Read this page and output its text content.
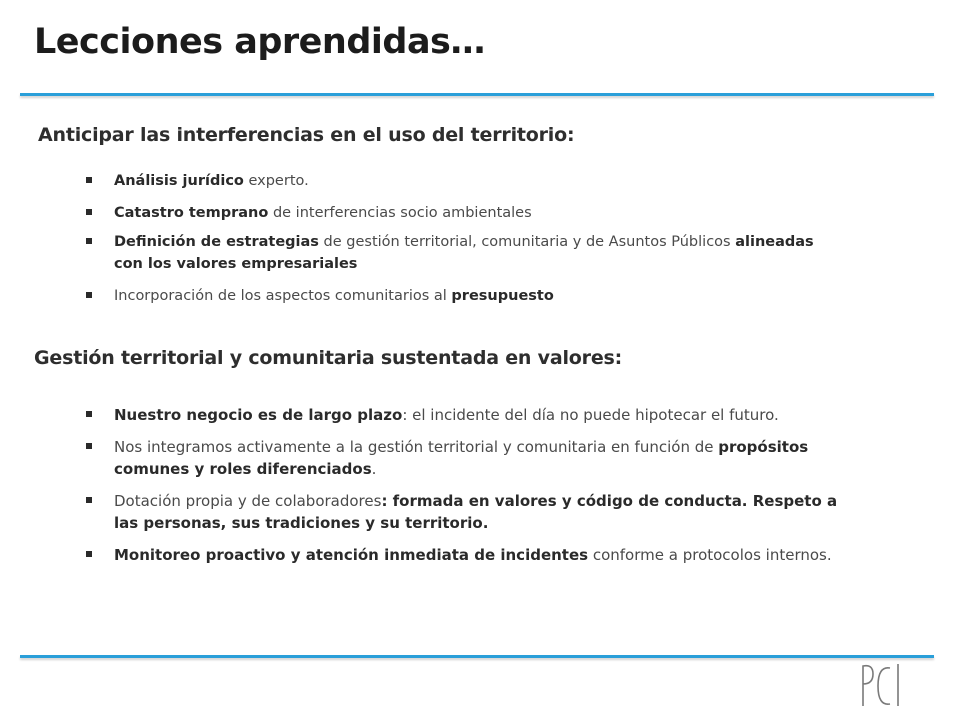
Lecciones aprendidas…
Anticipar las interferencias en el uso del territorio:
Análisis jurídico experto.
Catastro temprano de interferencias socio ambientales
Definición de estrategias de gestión territorial, comunitaria y de Asuntos Públicos alineadas con los valores empresariales
Incorporación de los aspectos comunitarios al presupuesto
Gestión territorial y comunitaria sustentada en valores:
Nuestro negocio es de largo plazo: el incidente del día no puede hipotecar el futuro.
Nos integramos activamente a la gestión territorial y comunitaria en función de propósitos comunes y roles diferenciados.
Dotación propia y de colaboradores: formada en valores y código de conducta. Respeto a las personas, sus tradiciones y su territorio.
Monitoreo proactivo y atención inmediata de incidentes conforme a protocolos internos.
